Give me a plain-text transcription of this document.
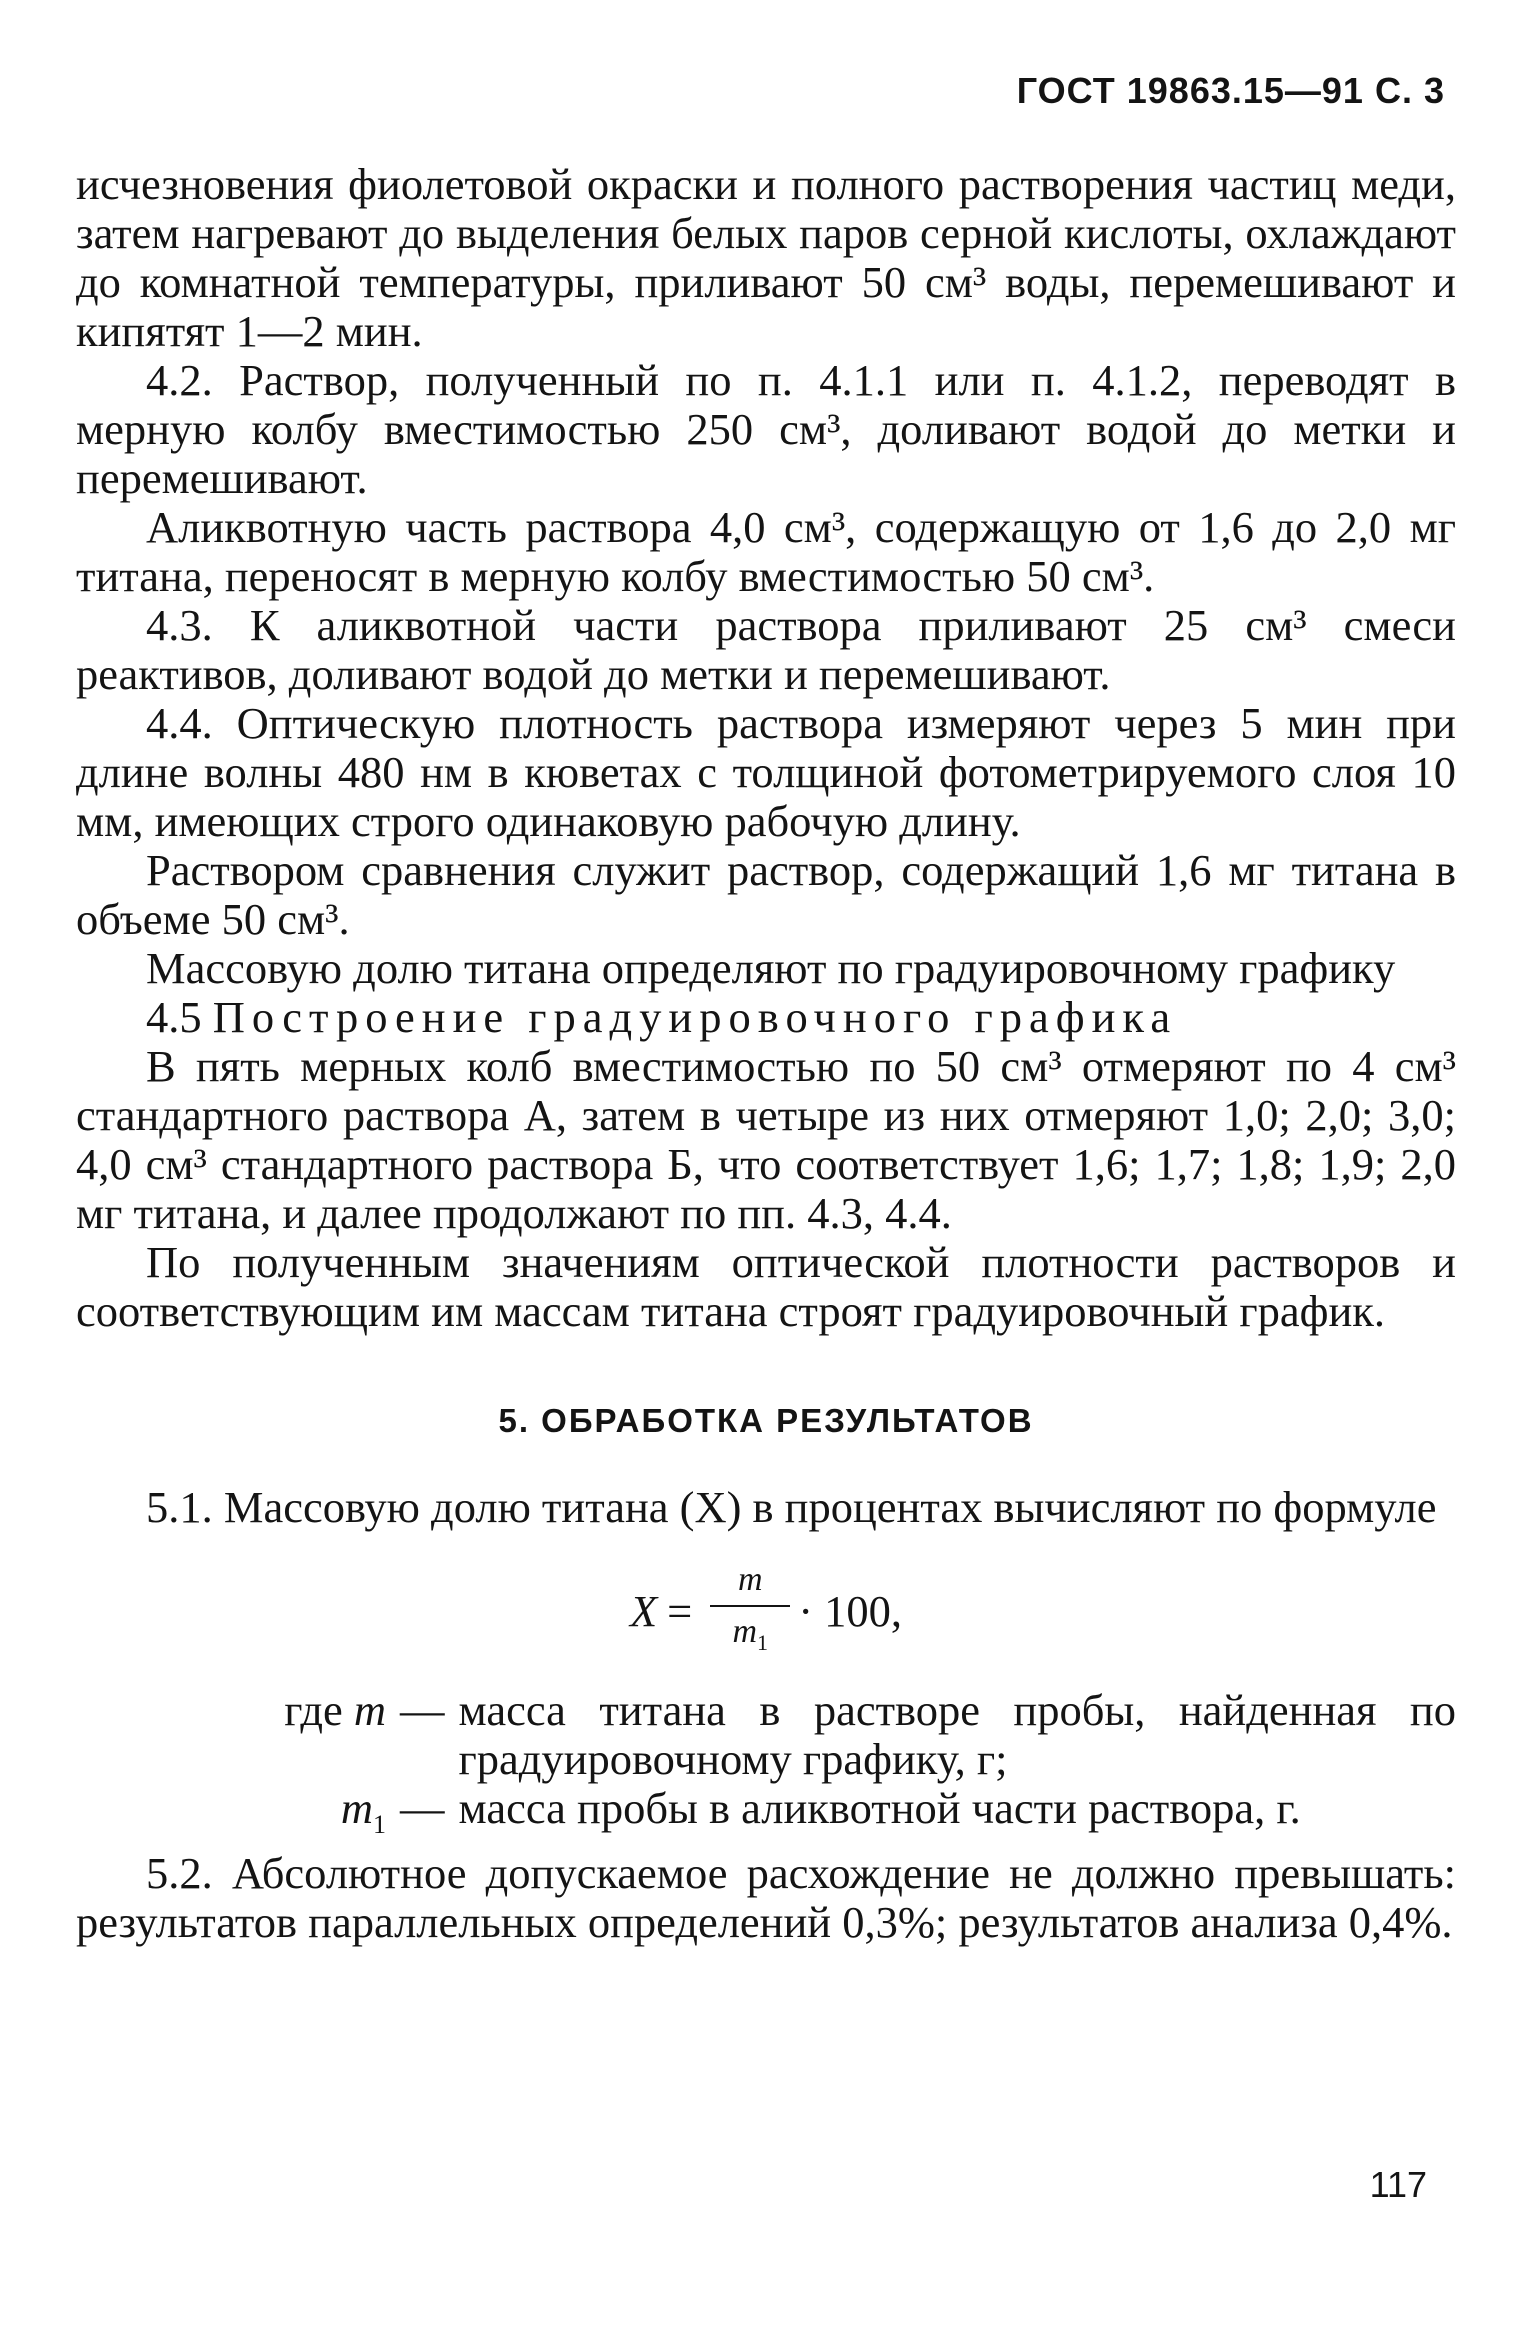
ГОСТ 19863.15—91 С. 3

исчезновения фиолетовой окраски и полного растворения частиц меди, затем нагревают до выделения белых паров серной кислоты, охлаждают до комнатной температуры, приливают 50 см³ воды, перемешивают и кипятят 1—2 мин.

4.2. Раствор, полученный по п. 4.1.1 или п. 4.1.2, переводят в мерную колбу вместимостью 250 см³, доливают водой до метки и перемешивают.

Аликвотную часть раствора 4,0 см³, содержащую от 1,6 до 2,0 мг титана, переносят в мерную колбу вместимостью 50 см³.

4.3. К аликвотной части раствора приливают 25 см³ смеси реактивов, доливают водой до метки и перемешивают.

4.4. Оптическую плотность раствора измеряют через 5 мин при длине волны 480 нм в кюветах с толщиной фотометрируемого слоя 10 мм, имеющих строго одинаковую рабочую длину.

Раствором сравнения служит раствор, содержащий 1,6 мг титана в объеме 50 см³.

Массовую долю титана определяют по градуировочному графику

4.5 Построение градуировочного графика

В пять мерных колб вместимостью по 50 см³ отмеряют по 4 см³ стандартного раствора А, затем в четыре из них отмеряют 1,0; 2,0; 3,0; 4,0 см³ стандартного раствора Б, что соответствует 1,6; 1,7; 1,8; 1,9; 2,0 мг титана, и далее продолжают по пп. 4.3, 4.4.

По полученным значениям оптической плотности растворов и соответствующим им массам титана строят градуировочный график.

5. ОБРАБОТКА РЕЗУЛЬТАТОВ

5.1. Массовую долю титана (X) в процентах вычисляют по формуле

$X = \frac{m}{m_1} \cdot 100$,
где m — масса титана в растворе пробы, найденная по градуировочному графику, г;
$m_1$ — масса пробы в аликвотной части раствора, г.

5.2. Абсолютное допускаемое расхождение не должно превышать: результатов параллельных определений 0,3%; результатов анализа 0,4%.

117
